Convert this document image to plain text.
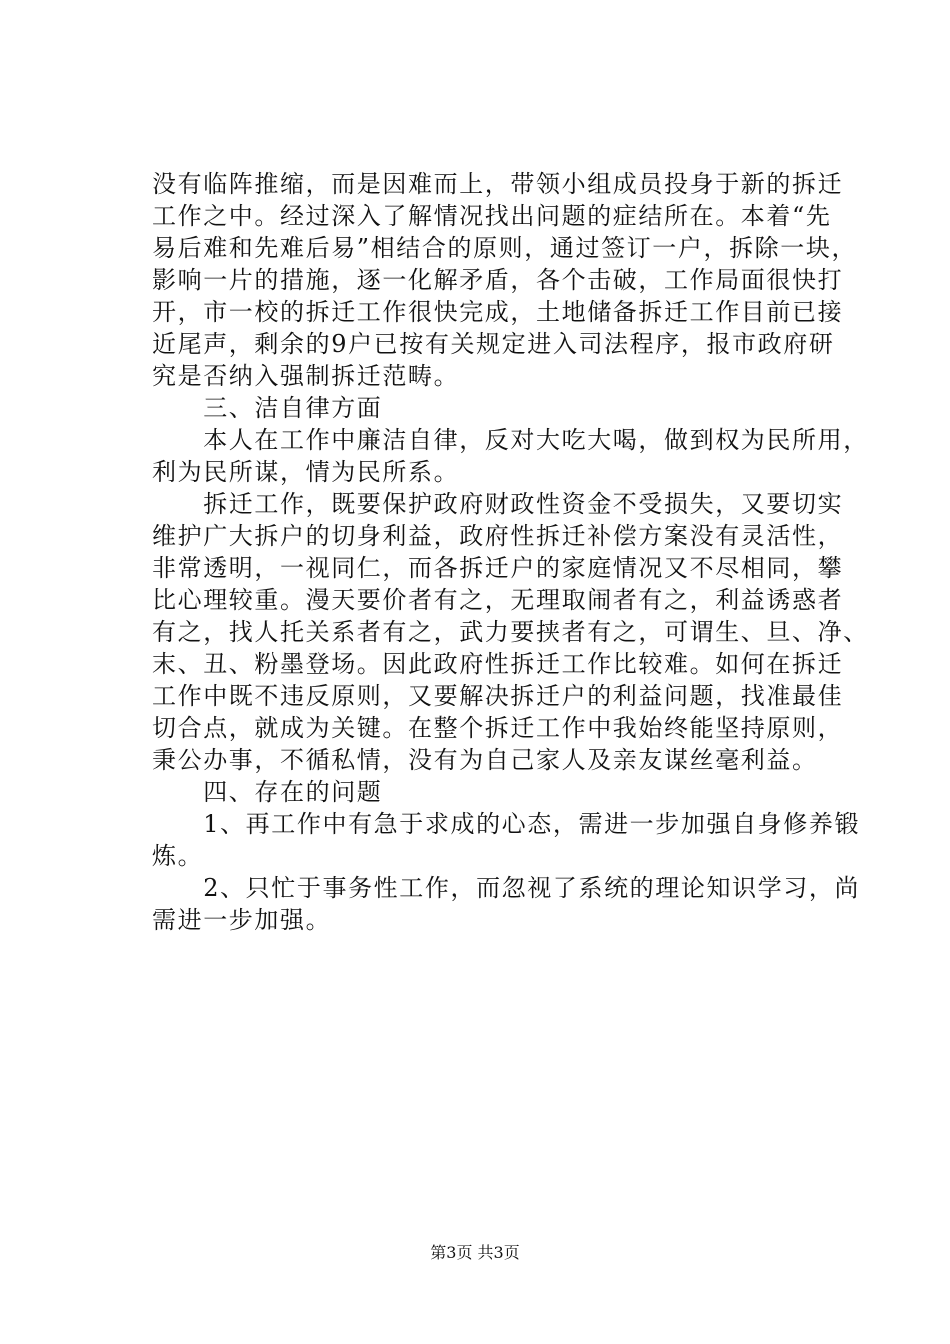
没有临阵推缩，而是因难而上，带领小组成员投身于新的拆迁
工作之中。经过深入了解情况找出问题的症结所在。本着“先
易后难和先难后易”相结合的原则，通过签订一户，拆除一块，
影响一片的措施，逐一化解矛盾，各个击破，工作局面很快打
开，市一校的拆迁工作很快完成，土地储备拆迁工作目前已接
近尾声，剩余的9户已按有关规定进入司法程序，报市政府研
究是否纳入强制拆迁范畴。
　　三、洁自律方面
　　本人在工作中廉洁自律，反对大吃大喝，做到权为民所用，
利为民所谋，情为民所系。
　　拆迁工作，既要保护政府财政性资金不受损失，又要切实
维护广大拆户的切身利益，政府性拆迁补偿方案没有灵活性，
非常透明，一视同仁，而各拆迁户的家庭情况又不尽相同，攀
比心理较重。漫天要价者有之，无理取闹者有之，利益诱惑者
有之，找人托关系者有之，武力要挟者有之，可谓生、旦、净、
末、丑、粉墨登场。因此政府性拆迁工作比较难。如何在拆迁
工作中既不违反原则，又要解决拆迁户的利益问题，找准最佳
切合点，就成为关键。在整个拆迁工作中我始终能坚持原则，
秉公办事，不循私情，没有为自己家人及亲友谋丝毫利益。
　　四、存在的问题
　　1、再工作中有急于求成的心态，需进一步加强自身修养锻
炼。
　　2、只忙于事务性工作，而忽视了系统的理论知识学习，尚
需进一步加强。
第3页 共3页
